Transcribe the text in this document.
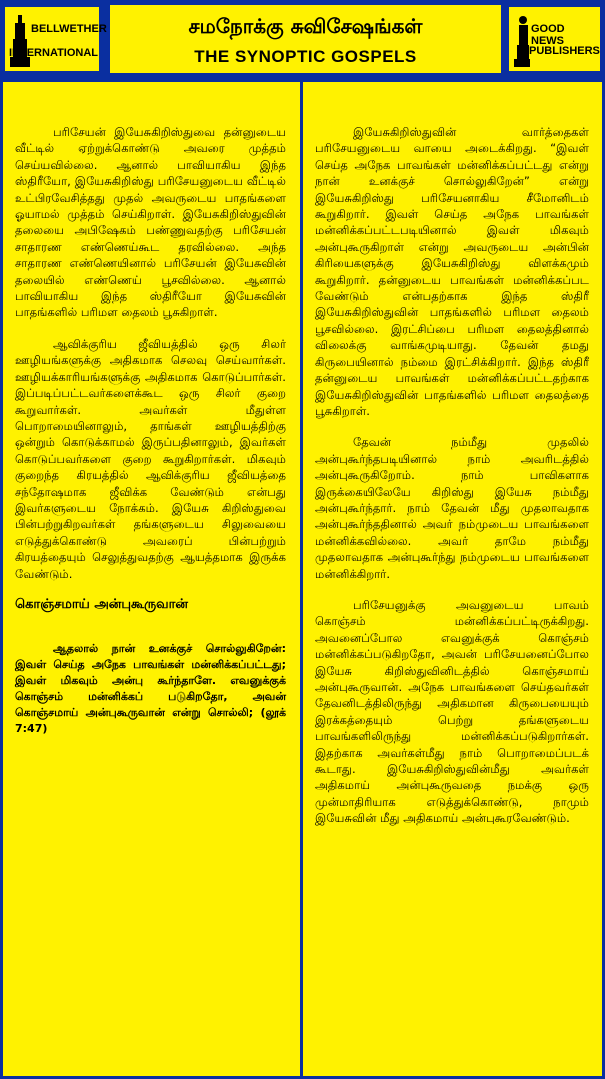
BELLWETHER
INTERNATIONAL
சமநோக்கு சுவிசேஷங்கள்
THE SYNOPTIC GOSPELS
GOOD NEWS
PUBLISHERS

பரிசேயன் இயேசுகிறிஸ்துவை தன்னுடைய வீட்டில் ஏற்றுக்கொண்டு அவரை முத்தம் செய்யவில்லை. ஆனால் பாவியாகிய இந்த ஸ்திரீயோ, இயேசுகிறிஸ்து பரிசேயனுடைய வீட்டில் உட்பிரவேசித்தது முதல் அவருடைய பாதங்களை ஓயாமல் முத்தம் செய்கிறாள். இயேசுகிறிஸ்துவின் தலையை அபிஷேகம் பண்ணுவதற்கு பரிசேயன் சாதாரண எண்ணெய்கூட தரவில்லை. அந்த சாதாரண எண்ணெயினால் பரிசேயன் இயேசுவின் தலையில் எண்ணெய் பூசவில்லை. ஆனால் பாவியாகிய இந்த ஸ்திரீயோ இயேசுவின் பாதங்களில் பரிமள தைலம் பூசுகிறாள்.

ஆவிக்குரிய ஜீவியத்தில் ஒரு சிலர் ஊழியங்களுக்கு அதிகமாக செலவு செய்வார்கள். ஊழியக்காரியங்களுக்கு அதிகமாக கொடுப்பார்கள். இப்படிப்பட்டவர்களைக்கூட ஒரு சிலர் குறை கூறுவார்கள். அவர்கள் மீதுள்ள பொறாமையினாலும், தாங்கள் ஊழியத்திற்கு ஒன்றும் கொடுக்காமல் இருப்பதினாலும், இவர்கள் கொடுப்பவர்களை குறை கூறுகிறார்கள். மிகவும் குறைந்த கிரயத்தில் ஆவிக்குரிய ஜீவியத்தை சந்தோஷமாக ஜீவிக்க வேண்டும் என்பது இவர்களுடைய நோக்கம். இயேசு கிறிஸ்துவை பின்பற்றுகிறவர்கள் தங்களுடைய சிலுவையை எடுத்துக்கொண்டு அவரைப் பின்பற்றும் கிரயத்தையும் செலுத்துவதற்கு ஆயத்தமாக இருக்க வேண்டும்.

கொஞ்சமாய் அன்புகூருவான்

ஆதலால் நான் உனக்குச் சொல்லுகிறேன்: இவள் செய்த அநேக பாவங்கள் மன்னிக்கப்பட்டது; இவள் மிகவும் அன்பு கூர்ந்தாளே. எவனுக்குக் கொஞ்சம் மன்னிக்கப் படுகிறதோ, அவன் கொஞ்சமாய் அன்புகூருவான் என்று சொல்லி; (லூக் 7:47)

இயேசுகிறிஸ்துவின் வார்த்தைகள் பரிசேயனுடைய வாயை அடைக்கிறது. “இவள் செய்த அநேக பாவங்கள் மன்னிக்கப்பட்டது என்று நான் உனக்குச் சொல்லுகிறேன்” என்று இயேசுகிறிஸ்து பரிசேயனாகிய சீமோனிடம் கூறுகிறார். இவள் செய்த அநேக பாவங்கள் மன்னிக்கப்பட்டபடியினால் இவள் மிகவும் அன்புகூருகிறாள் என்று அவருடைய அன்பின் கிரியைகளுக்கு இயேசுகிறிஸ்து விளக்கமும் கூறுகிறார். தன்னுடைய பாவங்கள் மன்னிக்கப்பட வேண்டும் என்பதற்காக இந்த ஸ்திரீ இயேசுகிறிஸ்துவின் பாதங்களில் பரிமள தைலம் பூசவில்லை. இரட்சிப்பை பரிமள தைலத்தினால் விலைக்கு வாங்கமுடியாது. தேவன் தமது கிருபையினால் நம்மை இரட்சிக்கிறார். இந்த ஸ்திரீ தன்னுடைய பாவங்கள் மன்னிக்கப்பட்டதற்காக இயேசுகிறிஸ்துவின் பாதங்களில் பரிமள தைலத்தை பூசுகிறாள்.

தேவன் நம்மீது முதலில் அன்புகூர்ந்தபடியினால் நாம் அவரிடத்தில் அன்புகூருகிறோம். நாம் பாவிகளாக இருக்கையிலேயே கிறிஸ்து இயேசு நம்மீது அன்புகூர்ந்தார். நாம் தேவன் மீது முதலாவதாக அன்புகூர்ந்ததினால் அவர் நம்முடைய பாவங்களை மன்னிக்கவில்லை. அவர் தாமே நம்மீது முதலாவதாக அன்புகூர்ந்து நம்முடைய பாவங்களை மன்னிக்கிறார்.

பரிசேயனுக்கு அவனுடைய பாவம் கொஞ்சம் மன்னிக்கப்பட்டிருக்கிறது. அவனைப்போல எவனுக்குக் கொஞ்சம் மன்னிக்கப்படுகிறதோ, அவன் பரிசேயனைப்போல இயேசு கிறிஸ்துவினிடத்தில் கொஞ்சமாய் அன்புகூருவான். அநேக பாவங்களை செய்தவர்கள் தேவனிடத்திலிருந்து அதிகமான கிருபையையும் இரக்கத்தையும் பெற்று தங்களுடைய பாவங்களிலிருந்து மன்னிக்கப்படுகிறார்கள். இதற்காக அவர்கள்மீது நாம் பொறாமைப்படக் கூடாது. இயேசுகிறிஸ்துவின்மீது அவர்கள் அதிகமாய் அன்புகூருவதை நமக்கு ஒரு முன்மாதிரியாக எடுத்துக்கொண்டு, நாமும் இயேசுவின் மீது அதிகமாய் அன்புகூரவேண்டும்.
